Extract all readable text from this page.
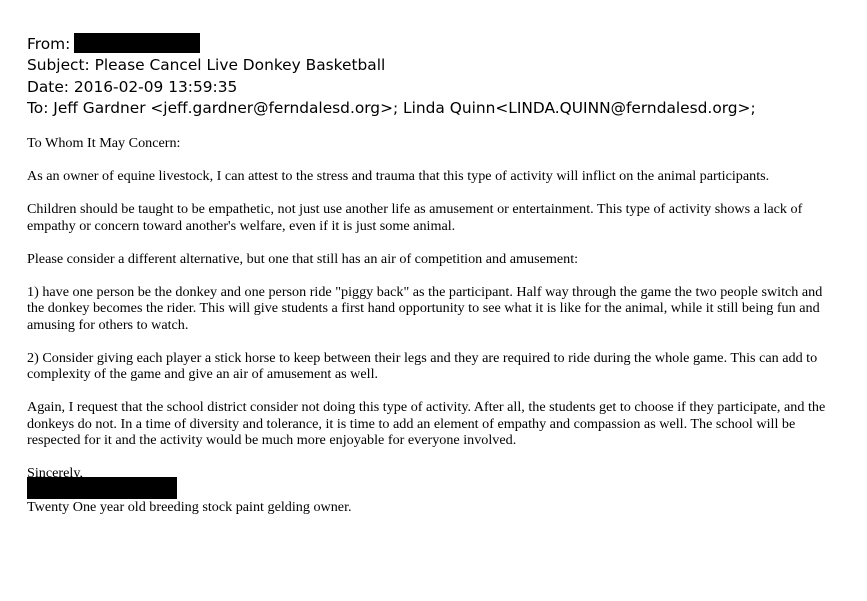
From:
Subject: Please Cancel Live Donkey Basketball
Date: 2016-02-09 13:59:35
To: Jeff Gardner <jeff.gardner@ferndalesd.org>; Linda Quinn<LINDA.QUINN@ferndalesd.org>;

To Whom It May Concern:

As an owner of equine livestock, I can attest to the stress and trauma that this type of activity will inflict on the animal participants.

Children should be taught to be empathetic, not just use another life as amusement or entertainment. This type of activity shows a lack of empathy or concern toward another's welfare, even if it is just some animal.

Please consider a different alternative, but one that still has an air of competition and amusement:

1) have one person be the donkey and one person ride "piggy back" as the participant. Half way through the game the two people switch and the donkey becomes the rider. This will give students a first hand opportunity to see what it is like for the animal, while it still being fun and amusing for others to watch.

2) Consider giving each player a stick horse to keep between their legs and they are required to ride during the whole game. This can add to complexity of the game and give an air of amusement as well.

Again, I request that the school district consider not doing this type of activity. After all, the students get to choose if they participate, and the donkeys do not. In a time of diversity and tolerance, it is time to add an element of empathy and compassion as well. The school will be respected for it and the activity would be much more enjoyable for everyone involved.

Sincerely,
Twenty One year old breeding stock paint gelding owner.
